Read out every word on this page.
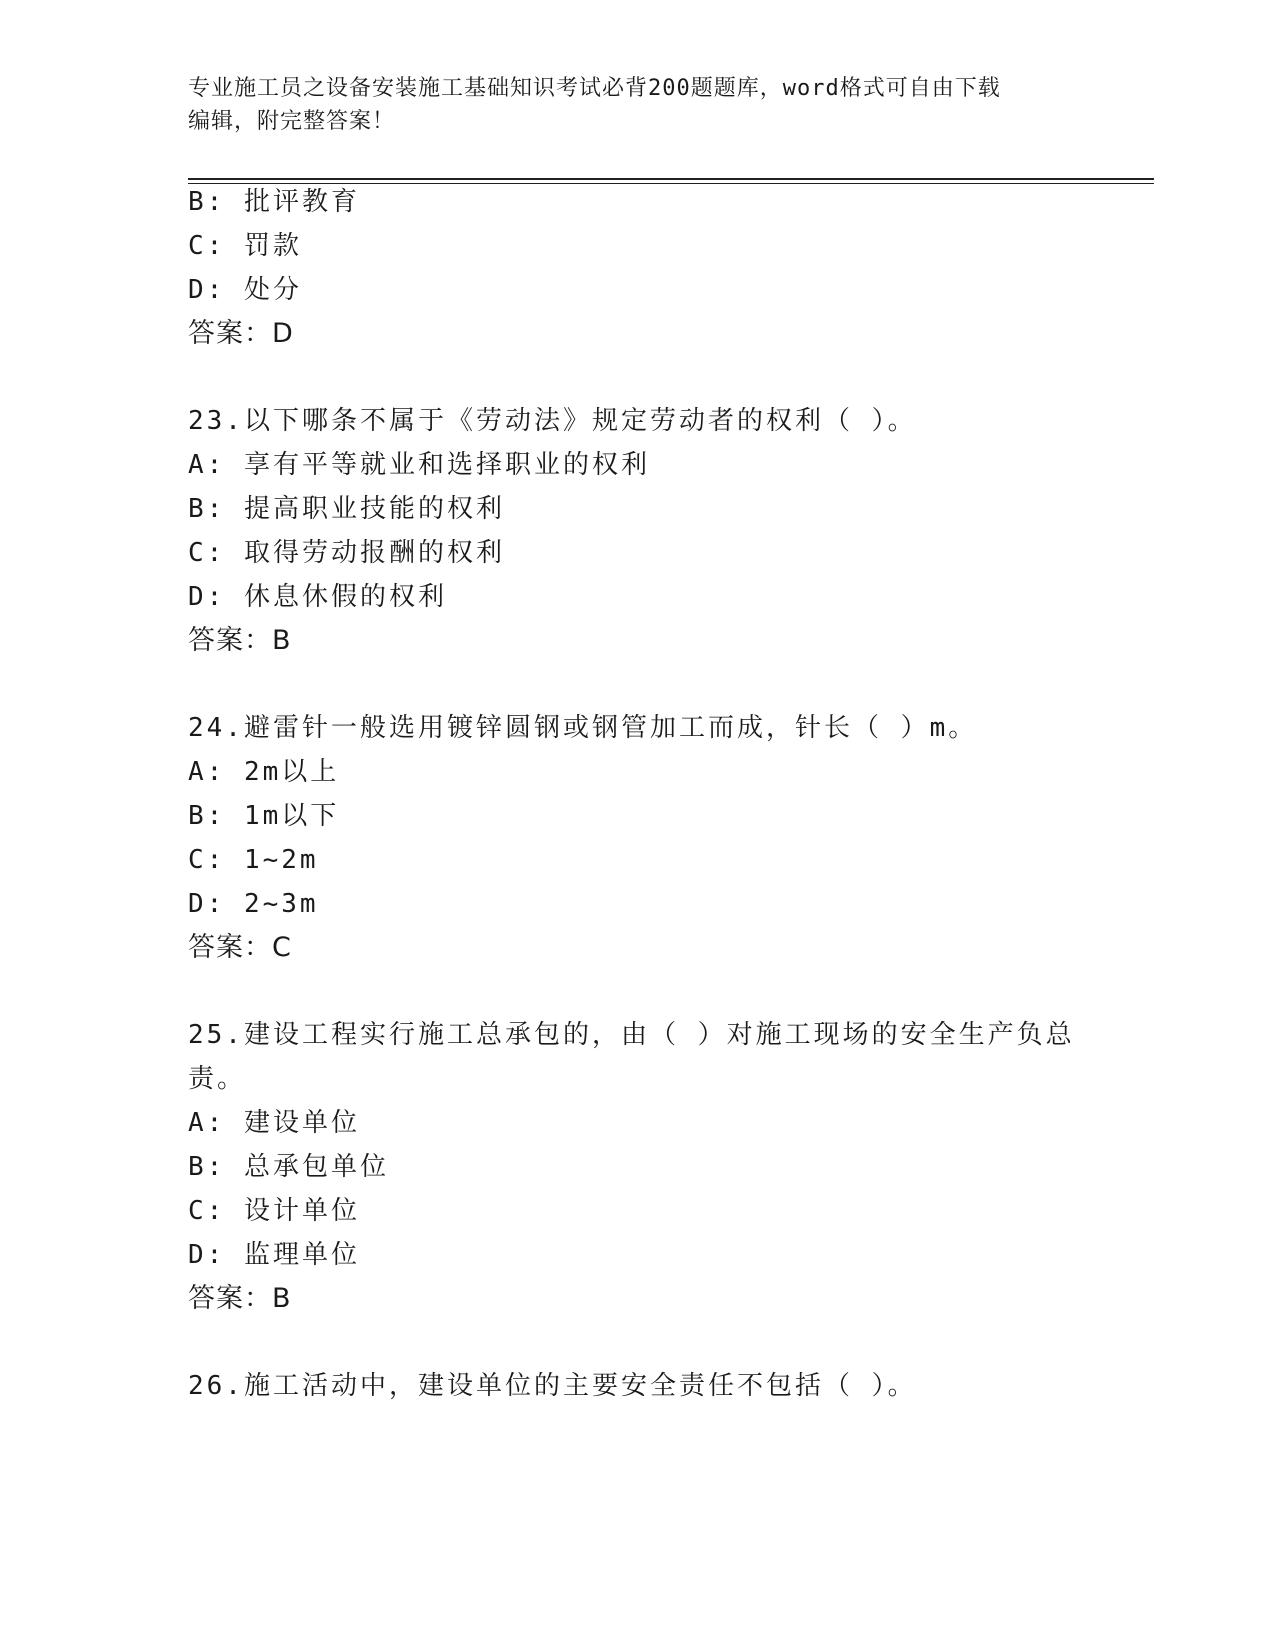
专业施工员之设备安装施工基础知识考试必背200题题库，word格式可自由下载
编辑，附完整答案！
B: 批评教育
C: 罚款
D: 处分
答案：D
23.以下哪条不属于《劳动法》规定劳动者的权利（ ）。
A: 享有平等就业和选择职业的权利
B: 提高职业技能的权利
C: 取得劳动报酬的权利
D: 休息休假的权利
答案：B
24.避雷针一般选用镀锌圆钢或钢管加工而成，针长（ ）m。
A: 2m以上
B: 1m以下
C: 1~2m
D: 2~3m
答案：C
25.建设工程实行施工总承包的，由（ ）对施工现场的安全生产负总
责。
A: 建设单位
B: 总承包单位
C: 设计单位
D: 监理单位
答案：B
26.施工活动中，建设单位的主要安全责任不包括（ ）。
